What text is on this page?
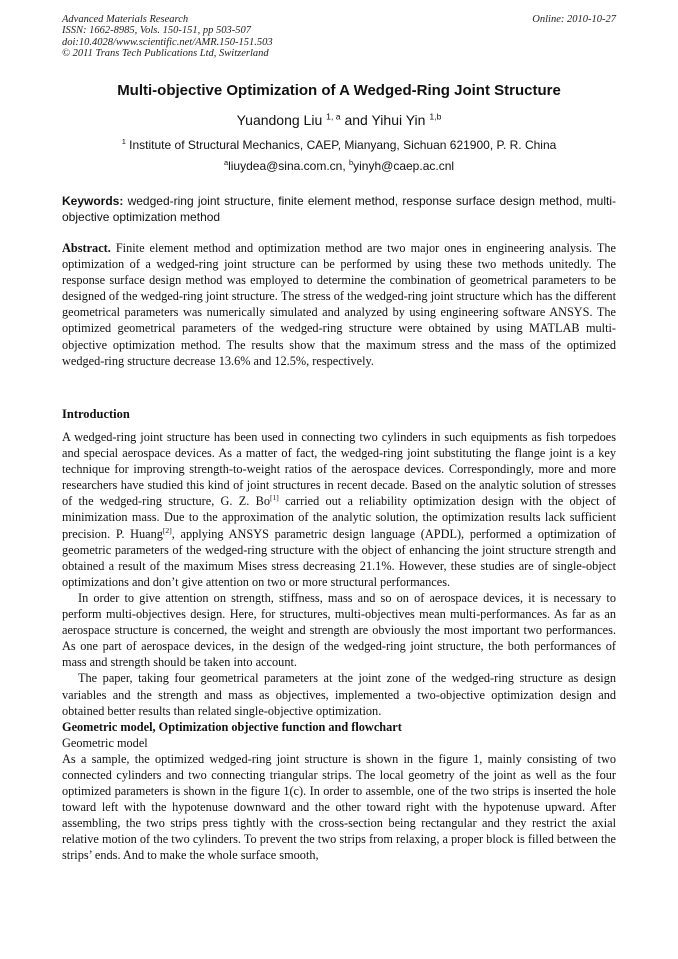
Advanced Materials Research
ISSN: 1662-8985, Vols. 150-151, pp 503-507
doi:10.4028/www.scientific.net/AMR.150-151.503
© 2011 Trans Tech Publications Ltd, Switzerland
Online: 2010-10-27
Multi-objective Optimization of A Wedged-Ring Joint Structure
Yuandong Liu $^{1, a}$ and Yihui Yin $^{1,b}$
$^1$ Institute of Structural Mechanics, CAEP, Mianyang, Sichuan 621900, P. R. China
$^a$liuydea@sina.com.cn, $^b$yinyh@caep.ac.cnl
Keywords: wedged-ring joint structure, finite element method, response surface design method, multi-objective optimization method
Abstract. Finite element method and optimization method are two major ones in engineering analysis. The optimization of a wedged-ring joint structure can be performed by using these two methods unitedly. The response surface design method was employed to determine the combination of geometrical parameters to be designed of the wedged-ring joint structure. The stress of the wedged-ring joint structure which has the different geometrical parameters was numerically simulated and analyzed by using engineering software ANSYS. The optimized geometrical parameters of the wedged-ring structure were obtained by using MATLAB multi-objective optimization method. The results show that the maximum stress and the mass of the optimized wedged-ring structure decrease 13.6% and 12.5%, respectively.
Introduction

A wedged-ring joint structure has been used in connecting two cylinders in such equipments as fish torpedoes and special aerospace devices. As a matter of fact, the wedged-ring joint substituting the flange joint is a key technique for improving strength-to-weight ratios of the aerospace devices. Correspondingly, more and more researchers have studied this kind of joint structures in recent decade. Based on the analytic solution of stresses of the wedged-ring structure, G. Z. Bo[1] carried out a reliability optimization design with the object of minimization mass. Due to the approximation of the analytic solution, the optimization results lack sufficient precision. P. Huang[2], applying ANSYS parametric design language (APDL), performed a optimization of geometric parameters of the wedged-ring structure with the object of enhancing the joint structure strength and obtained a result of the maximum Mises stress decreasing 21.1%. However, these studies are of single-object optimizations and don’t give attention on two or more structural performances.

In order to give attention on strength, stiffness, mass and so on of aerospace devices, it is necessary to perform multi-objectives design. Here, for structures, multi-objectives mean multi-performances. As far as an aerospace structure is concerned, the weight and strength are obviously the most important two performances. As one part of aerospace devices, in the design of the wedged-ring joint structure, the both performances of mass and strength should be taken into account.

The paper, taking four geometrical parameters at the joint zone of the wedged-ring structure as design variables and the strength and mass as objectives, implemented a two-objective optimization design and obtained better results than related single-objective optimization.

Geometric model, Optimization objective function and flowchart

Geometric model

As a sample, the optimized wedged-ring joint structure is shown in the figure 1, mainly consisting of two connected cylinders and two connecting triangular strips. The local geometry of the joint as well as the four optimized parameters is shown in the figure 1(c). In order to assemble, one of the two strips is inserted the hole toward left with the hypotenuse downward and the other toward right with the hypotenuse upward. After assembling, the two strips press tightly with the cross-section being rectangular and they restrict the axial relative motion of the two cylinders. To prevent the two strips from relaxing, a proper block is filled between the strips’ ends. And to make the whole surface smooth,
